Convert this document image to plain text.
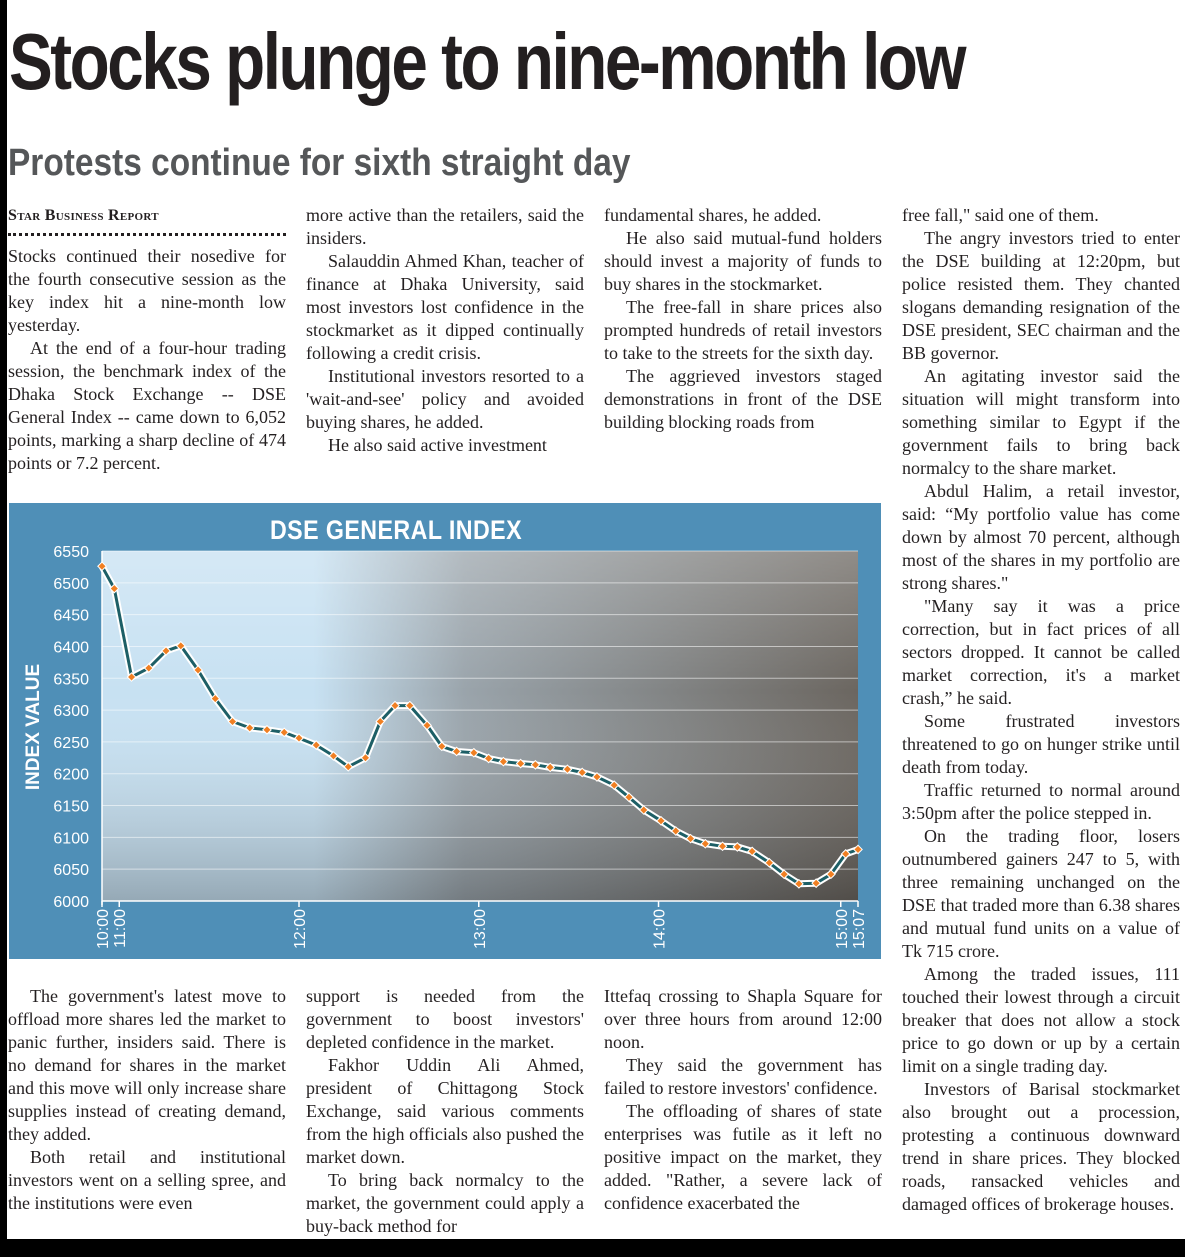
Stocks plunge to nine-month low
Protests continue for sixth straight day
Star Business Report

Stocks continued their nosedive for the fourth consecutive session as the key index hit a nine-month low yesterday.

At the end of a four-hour trading session, the benchmark index of the Dhaka Stock Exchange -- DSE General Index -- came down to 6,052 points, marking a sharp decline of 474 points or 7.2 percent.

more active than the retailers, said the insiders.

Salauddin Ahmed Khan, teacher of finance at Dhaka University, said most investors lost confidence in the stockmarket as it dipped continually following a credit crisis.

Institutional investors resorted to a 'wait-and-see' policy and avoided buying shares, he added.

He also said active investment

fundamental shares, he added.

He also said mutual-fund holders should invest a majority of funds to buy shares in the stockmarket.

The free-fall in share prices also prompted hundreds of retail investors to take to the streets for the sixth day.

The aggrieved investors staged demonstrations in front of the DSE building blocking roads from

free fall," said one of them.

The angry investors tried to enter the DSE building at 12:20pm, but police resisted them. They chanted slogans demanding resignation of the DSE president, SEC chairman and the BB governor.

An agitating investor said the situation will might transform into something similar to Egypt if the government fails to bring back normalcy to the share market.

Abdul Halim, a retail investor, said: “My portfolio value has come down by almost 70 percent, although most of the shares in my portfolio are strong shares."

"Many say it was a price correction, but in fact prices of all sectors dropped. It cannot be called market correction, it's a market crash,” he said.

Some frustrated investors threatened to go on hunger strike until death from today.

Traffic returned to normal around 3:50pm after the police stepped in.

On the trading floor, losers outnumbered gainers 247 to 5, with three remaining unchanged on the DSE that traded more than 6.38 shares and mutual fund units on a value of Tk 715 crore.

Among the traded issues, 111 touched their lowest through a circuit breaker that does not allow a stock price to go down or up by a certain limit on a single trading day.

Investors of Barisal stockmarket also brought out a procession, protesting a continuous downward trend in share prices. They blocked roads, ransacked vehicles and damaged offices of brokerage houses.

6550
6500
6450
6400
6350
6300
6250
6200
6150
6100
6050
6000
10:00 11:00	12:00	13:00	14:00	15:00 15:07
INDEX VALUE
DSE GENERAL INDEX

The government's latest move to offload more shares led the market to panic further, insiders said. There is no demand for shares in the market and this move will only increase share supplies instead of creating demand, they added.

Both retail and institutional investors went on a selling spree, and the institutions were even

support is needed from the government to boost investors' depleted confidence in the market.

Fakhor Uddin Ali Ahmed, president of Chittagong Stock Exchange, said various comments from the high officials also pushed the market down.

To bring back normalcy to the market, the government could apply a buy-back method for

Ittefaq crossing to Shapla Square for over three hours from around 12:00 noon.

They said the government has failed to restore investors' confidence.

The offloading of shares of state enterprises was futile as it left no positive impact on the market, they added. "Rather, a severe lack of confidence exacerbated the
